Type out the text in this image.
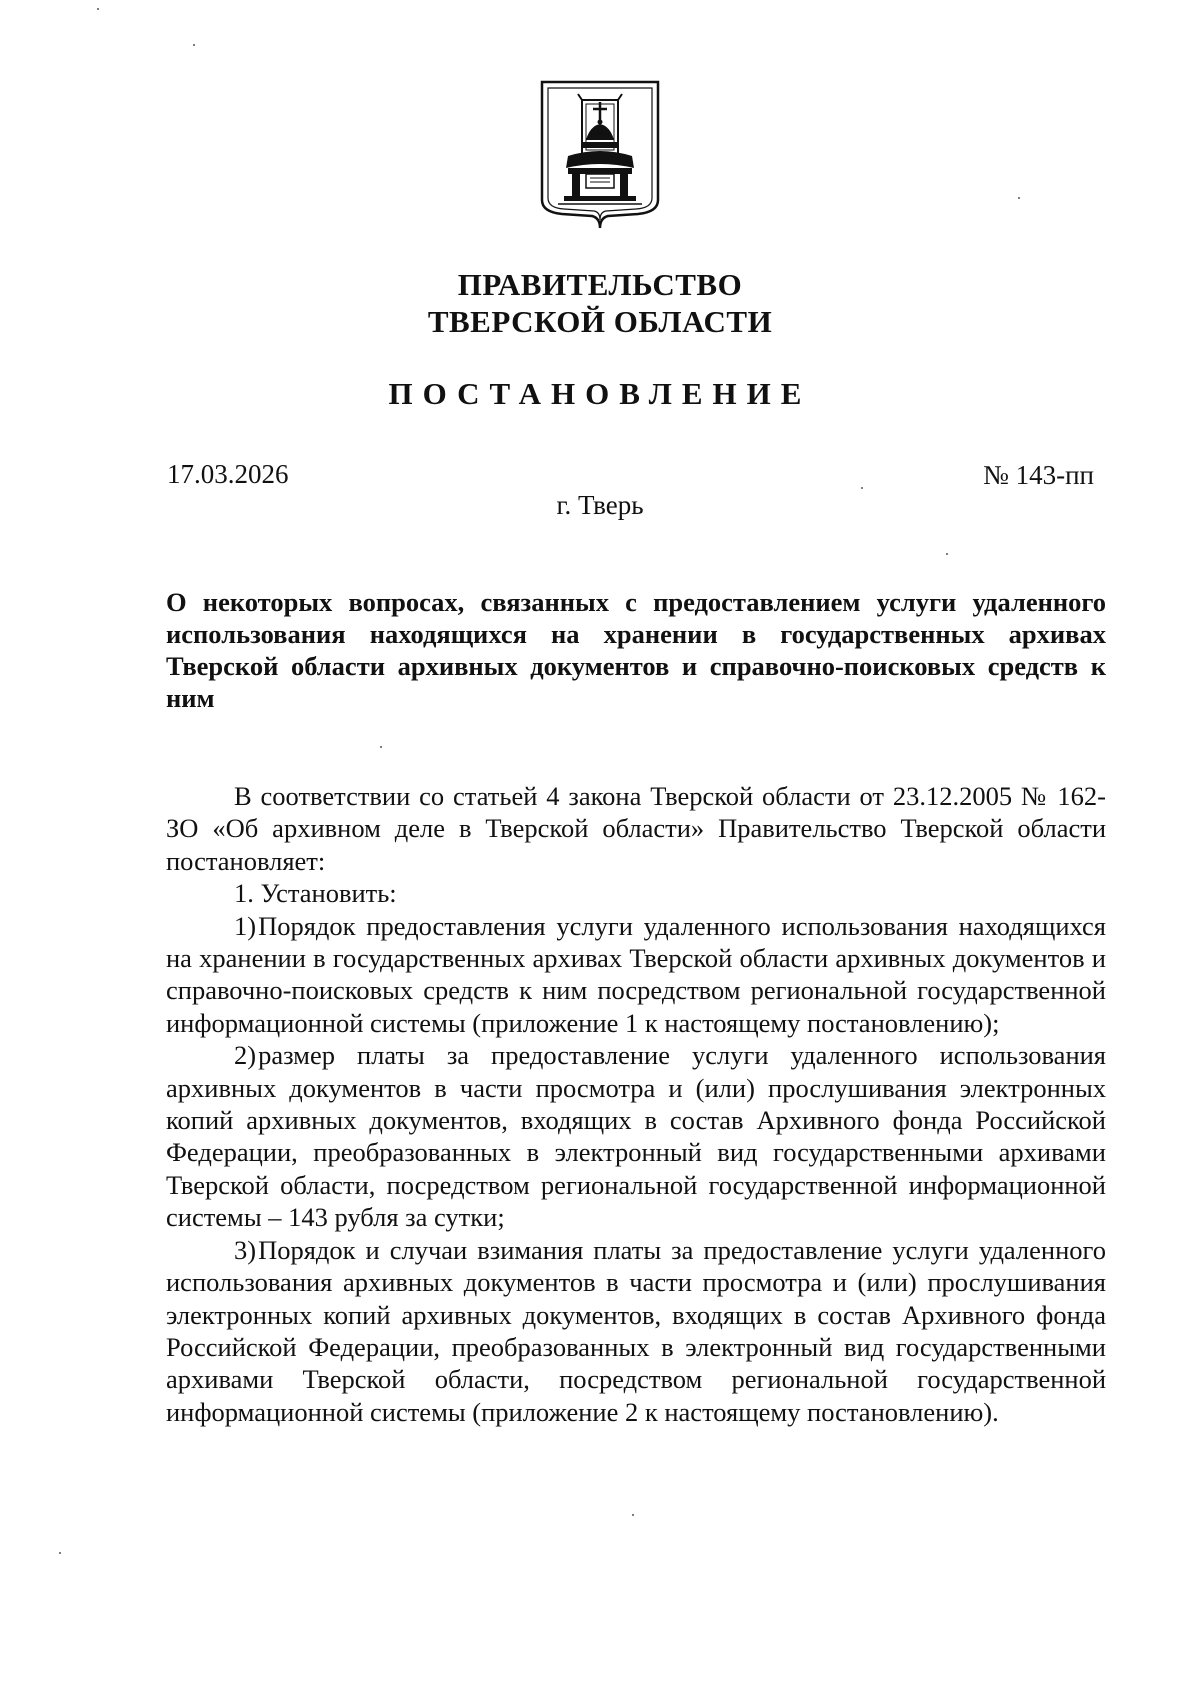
ПРАВИТЕЛЬСТВО
ТВЕРСКОЙ ОБЛАСТИ
ПОСТАНОВЛЕНИЕ
17.03.2026	№ 143-пп
г. Тверь
О некоторых вопросах, связанных с предоставлением услуги удаленного использования находящихся на хранении в государственных архивах Тверской области архивных документов и справочно-поисковых средств к ним

В соответствии со статьей 4 закона Тверской области от 23.12.2005 № 162-ЗО «Об архивном деле в Тверской области» Правительство Тверской области постановляет:

1. Установить:

1)Порядок предоставления услуги удаленного использования находящихся на хранении в государственных архивах Тверской области архивных документов и справочно-поисковых средств к ним посредством региональной государственной информационной системы (приложение 1 к настоящему постановлению);

2)размер платы за предоставление услуги удаленного использования архивных документов в части просмотра и (или) прослушивания электронных копий архивных документов, входящих в состав Архивного фонда Российской Федерации, преобразованных в электронный вид государственными архивами Тверской области, посредством региональной государственной информационной системы – 143 рубля за сутки;

3)Порядок и случаи взимания платы за предоставление услуги удаленного использования архивных документов в части просмотра и (или) прослушивания электронных копий архивных документов, входящих в состав Архивного фонда Российской Федерации, преобразованных в электронный вид государственными архивами Тверской области, посредством региональной государственной информационной системы (приложение 2 к настоящему постановлению).
